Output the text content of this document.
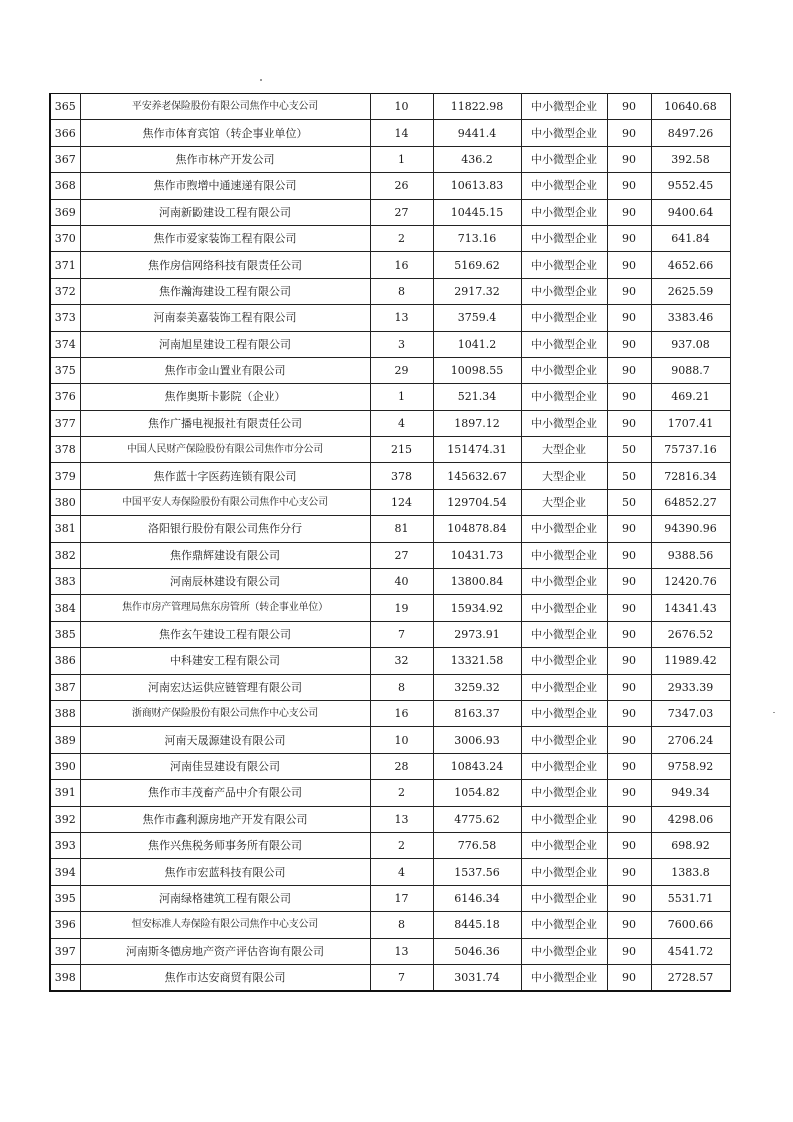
365	平安养老保险股份有限公司焦作中心支公司	10	11822.98	中小微型企业	90	10640.68
366	焦作市体育宾馆（转企事业单位）	14	9441.4	中小微型企业	90	8497.26
367	焦作市林产开发公司	1	436.2	中小微型企业	90	392.58
368	焦作市煦增中通速递有限公司	26	10613.83	中小微型企业	90	9552.45
369	河南新鼢建设工程有限公司	27	10445.15	中小微型企业	90	9400.64
370	焦作市爱家装饰工程有限公司	2	713.16	中小微型企业	90	641.84
371	焦作房信网络科技有限责任公司	16	5169.62	中小微型企业	90	4652.66
372	焦作瀚海建设工程有限公司	8	2917.32	中小微型企业	90	2625.59
373	河南泰美嘉装饰工程有限公司	13	3759.4	中小微型企业	90	3383.46
374	河南旭星建设工程有限公司	3	1041.2	中小微型企业	90	937.08
375	焦作市金山置业有限公司	29	10098.55	中小微型企业	90	9088.7
376	焦作奥斯卡影院（企业）	1	521.34	中小微型企业	90	469.21
377	焦作广播电视报社有限责任公司	4	1897.12	中小微型企业	90	1707.41
378	中国人民财产保险股份有限公司焦作市分公司	215	151474.31	大型企业	50	75737.16
379	焦作蓝十字医药连锁有限公司	378	145632.67	大型企业	50	72816.34
380	中国平安人寿保险股份有限公司焦作中心支公司	124	129704.54	大型企业	50	64852.27
381	洛阳银行股份有限公司焦作分行	81	104878.84	中小微型企业	90	94390.96
382	焦作鼎辉建设有限公司	27	10431.73	中小微型企业	90	9388.56
383	河南辰林建设有限公司	40	13800.84	中小微型企业	90	12420.76
384	焦作市房产管理局焦东房管所（转企事业单位）	19	15934.92	中小微型企业	90	14341.43
385	焦作玄午建设工程有限公司	7	2973.91	中小微型企业	90	2676.52
386	中科建安工程有限公司	32	13321.58	中小微型企业	90	11989.42
387	河南宏达运供应链管理有限公司	8	3259.32	中小微型企业	90	2933.39
388	浙商财产保险股份有限公司焦作中心支公司	16	8163.37	中小微型企业	90	7347.03
389	河南天晟源建设有限公司	10	3006.93	中小微型企业	90	2706.24
390	河南佳昱建设有限公司	28	10843.24	中小微型企业	90	9758.92
391	焦作市丰茂畜产品中介有限公司	2	1054.82	中小微型企业	90	949.34
392	焦作市鑫利源房地产开发有限公司	13	4775.62	中小微型企业	90	4298.06
393	焦作兴焦税务师事务所有限公司	2	776.58	中小微型企业	90	698.92
394	焦作市宏蓝科技有限公司	4	1537.56	中小微型企业	90	1383.8
395	河南绿格建筑工程有限公司	17	6146.34	中小微型企业	90	5531.71
396	恒安标准人寿保险有限公司焦作中心支公司	8	8445.18	中小微型企业	90	7600.66
397	河南斯冬德房地产资产评估咨询有限公司	13	5046.36	中小微型企业	90	4541.72
398	焦作市达安商贸有限公司	7	3031.74	中小微型企业	90	2728.57
